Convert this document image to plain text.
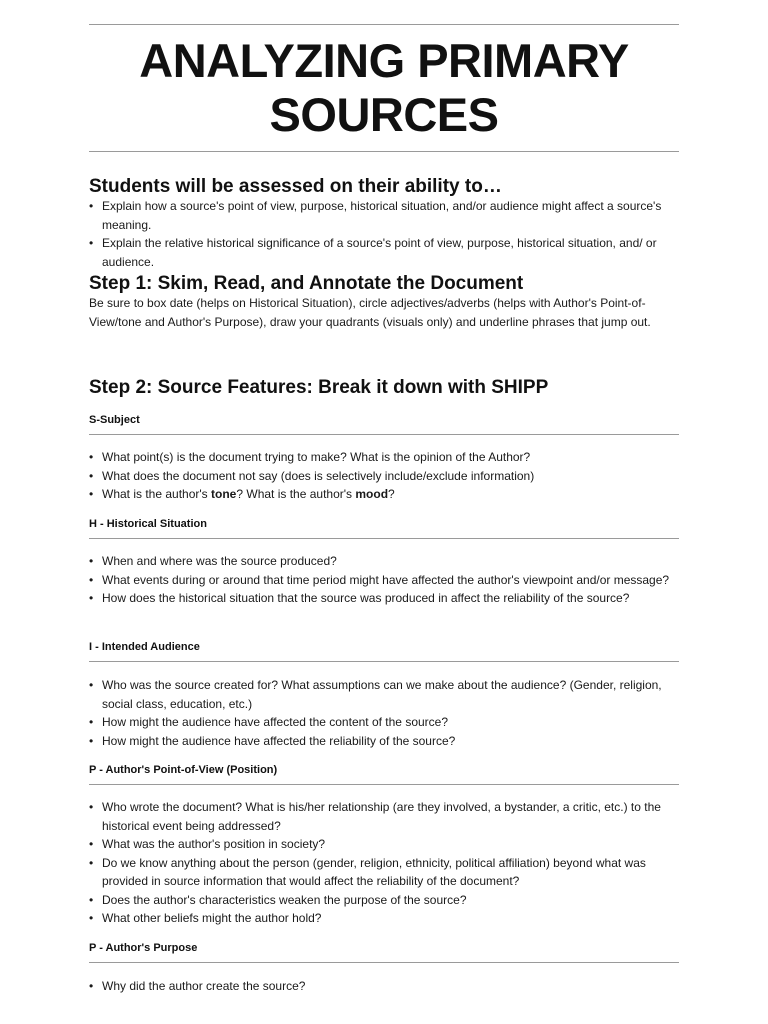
ANALYZING PRIMARY
SOURCES
Students will be assessed on their ability to…
• Explain how a source's point of view, purpose, historical situation, and/or audience might affect a source's meaning.
• Explain the relative historical significance of a source's point of view, purpose, historical situation, and/ or audience.
Step 1: Skim, Read, and Annotate the Document
Be sure to box date (helps on Historical Situation), circle adjectives/adverbs (helps with Author's Point-of-View/tone and Author's Purpose), draw your quadrants (visuals only) and underline phrases that jump out.
Step 2: Source Features: Break it down with SHIPP
S-Subject
• What point(s) is the document trying to make? What is the opinion of the Author?
• What does the document not say (does is selectively include/exclude information)
• What is the author's tone? What is the author's mood?
H - Historical Situation
• When and where was the source produced?
• What events during or around that time period might have affected the author's viewpoint and/or message?
• How does the historical situation that the source was produced in affect the reliability of the source?
I - Intended Audience
• Who was the source created for? What assumptions can we make about the audience? (Gender, religion, social class, education, etc.)
• How might the audience have affected the content of the source?
• How might the audience have affected the reliability of the source?
P - Author's Point-of-View (Position)
• Who wrote the document? What is his/her relationship (are they involved, a bystander, a critic, etc.) to the historical event being addressed?
• What was the author's position in society?
• Do we know anything about the person (gender, religion, ethnicity, political affiliation) beyond what was provided in source information that would affect the reliability of the document?
• Does the author's characteristics weaken the purpose of the source?
• What other beliefs might the author hold?
P - Author's Purpose
• Why did the author create the source?
